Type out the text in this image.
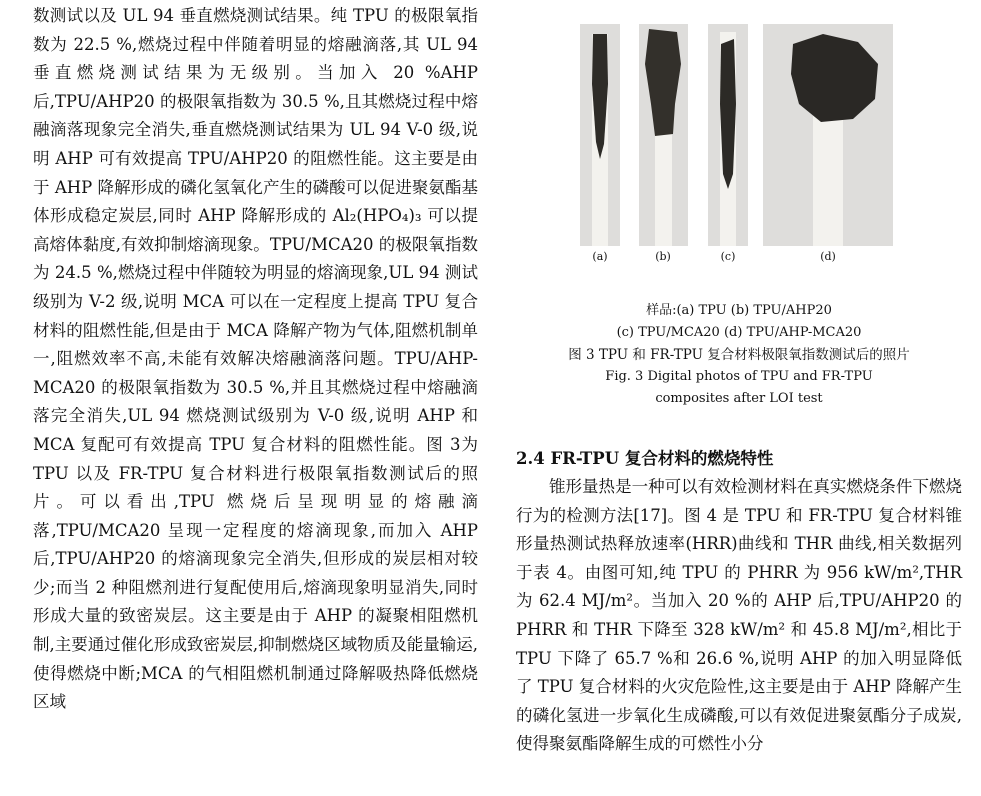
数测试以及 UL 94 垂直燃烧测试结果。纯 TPU 的极限氧指数为 22.5 %,燃烧过程中伴随着明显的熔融滴落,其 UL 94 垂直燃烧测试结果为无级别。当加入 20 %AHP 后,TPU/AHP20 的极限氧指数为 30.5 %,且其燃烧过程中熔融滴落现象完全消失,垂直燃烧测试结果为 UL 94 V-0 级,说明 AHP 可有效提高 TPU/AHP20 的阻燃性能。这主要是由于 AHP 降解形成的磷化氢氧化产生的磷酸可以促进聚氨酯基体形成稳定炭层,同时 AHP 降解形成的 Al₂(HPO₄)₃ 可以提高熔体黏度,有效抑制熔滴现象。TPU/MCA20 的极限氧指数为 24.5 %,燃烧过程中伴随较为明显的熔滴现象,UL 94 测试级别为 V-2 级,说明 MCA 可以在一定程度上提高 TPU 复合材料的阻燃性能,但是由于 MCA 降解产物为气体,阻燃机制单一,阻燃效率不高,未能有效解决熔融滴落问题。TPU/AHP-MCA20 的极限氧指数为 30.5 %,并且其燃烧过程中熔融滴落完全消失,UL 94 燃烧测试级别为 V-0 级,说明 AHP 和 MCA 复配可有效提高 TPU 复合材料的阻燃性能。图 3为 TPU 以及 FR-TPU 复合材料进行极限氧指数测试后的照片。可以看出,TPU 燃烧后呈现明显的熔融滴落,TPU/MCA20 呈现一定程度的熔滴现象,而加入 AHP 后,TPU/AHP20 的熔滴现象完全消失,但形成的炭层相对较少;而当 2 种阻燃剂进行复配使用后,熔滴现象明显消失,同时形成大量的致密炭层。这主要是由于 AHP 的凝聚相阻燃机制,主要通过催化形成致密炭层,抑制燃烧区域物质及能量输运,使得燃烧中断;MCA 的气相阻燃机制通过降解吸热降低燃烧区域

(a)	(b)	(c)	(d)
样品:(a) TPU (b) TPU/AHP20
(c) TPU/MCA20 (d) TPU/AHP-MCA20
图 3 TPU 和 FR-TPU 复合材料极限氧指数测试后的照片
Fig. 3 Digital photos of TPU and FR-TPU
composites after LOI test
2.4 FR-TPU 复合材料的燃烧特性

锥形量热是一种可以有效检测材料在真实燃烧条件下燃烧行为的检测方法[17]。图 4 是 TPU 和 FR-TPU 复合材料锥形量热测试热释放速率(HRR)曲线和 THR 曲线,相关数据列于表 4。由图可知,纯 TPU 的 PHRR 为 956 kW/m²,THR 为 62.4 MJ/m²。当加入 20 %的 AHP 后,TPU/AHP20 的 PHRR 和 THR 下降至 328 kW/m² 和 45.8 MJ/m²,相比于 TPU 下降了 65.7 %和 26.6 %,说明 AHP 的加入明显降低了 TPU 复合材料的火灾危险性,这主要是由于 AHP 降解产生的磷化氢进一步氧化生成磷酸,可以有效促进聚氨酯分子成炭,使得聚氨酯降解生成的可燃性小分
